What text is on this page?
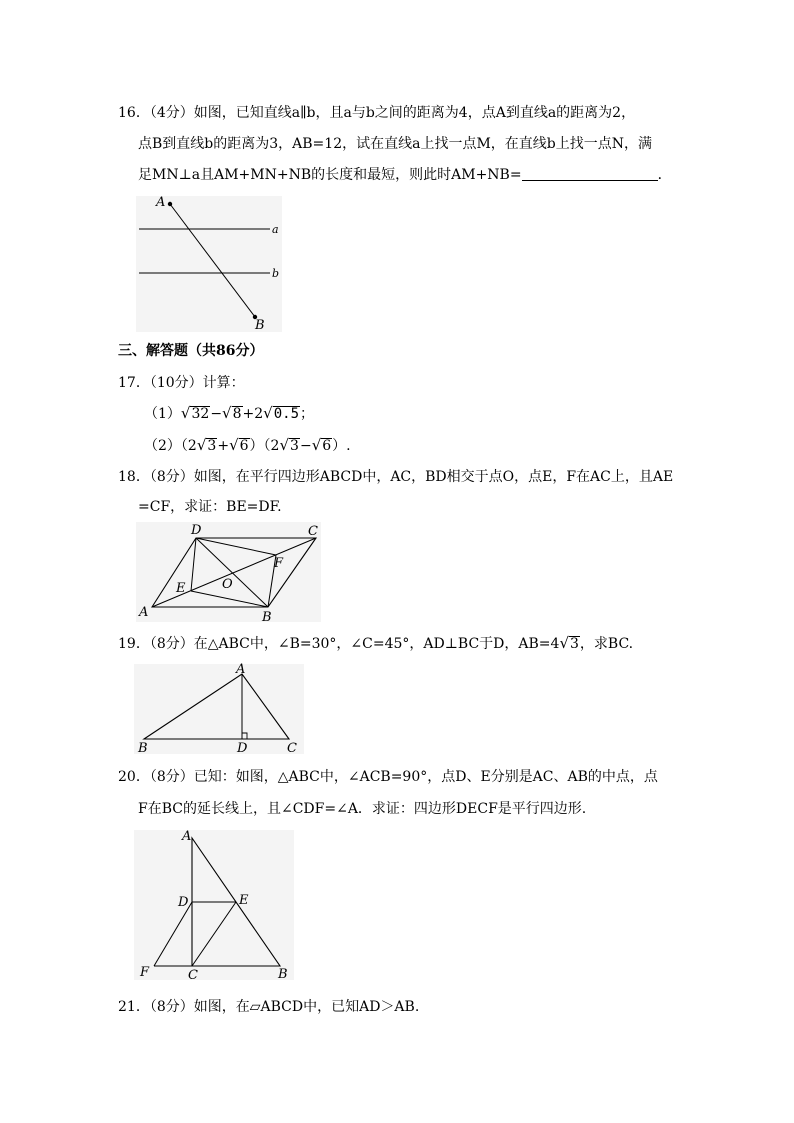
16．（4分）如图，已知直线a∥b，且a与b之间的距离为4，点A到直线a的距离为2，
点B到直线b的距离为3，AB=12，试在直线a上找一点M，在直线b上找一点N，满
足MN⊥a且AM+MN+NB的长度和最短，则此时AM+NB=	．
A
B
a
b
三、解答题（共86分）
17．（10分）计算：
（1）√32−√8+2√0.5；
（2）（2√3+√6）（2√3−√6）.
18．（8分）如图，在平行四边形ABCD中，AC，BD相交于点O，点E，F在AC上，且AE
=CF，求证：BE=DF.
A	B
C
D
E
F
O
19．（8分）在△ABC中，∠B=30°，∠C=45°，AD⊥BC于D，AB=4√3，求BC.
A
B	D	C
20．（8分）已知：如图，△ABC中，∠ACB=90°，点D、E分别是AC、AB的中点，点
F在BC的延长线上，且∠CDF=∠A．求证：四边形DECF是平行四边形.
A
D	E
F	C	B
21．（8分）如图，在▱ABCD中，已知AD＞AB.
